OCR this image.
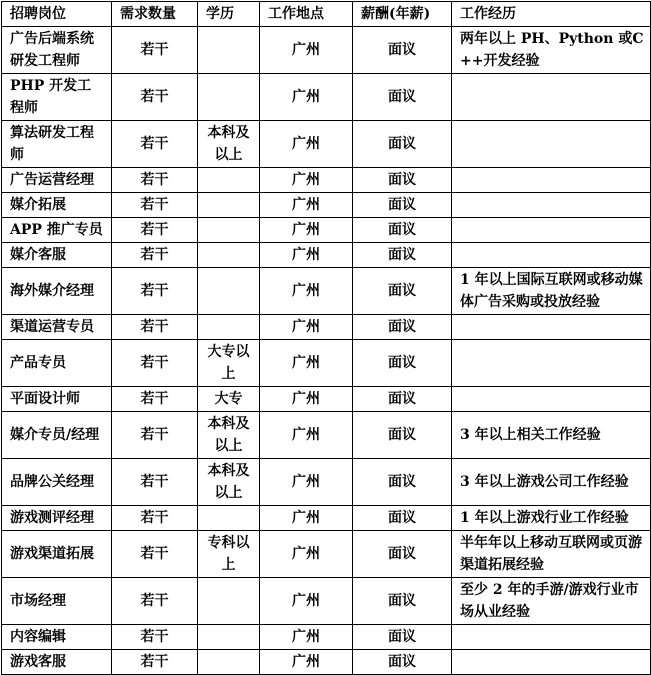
招聘岗位	需求数量	学历	工作地点	薪酬(年薪)	工作经历
广告后端系统研发工程师	若干		广州	面议	两年以上 PH、Python 或C++开发经验
PHP 开发工程师	若干		广州	面议	
算法研发工程师	若干	本科及以上	广州	面议	
广告运营经理	若干		广州	面议	
媒介拓展	若干		广州	面议	
APP 推广专员	若干		广州	面议	
媒介客服	若干		广州	面议	
海外媒介经理	若干		广州	面议	1 年以上国际互联网或移动媒体广告采购或投放经验
渠道运营专员	若干		广州	面议	
产品专员	若干	大专以上	广州	面议	
平面设计师	若干	大专	广州	面议	
媒介专员/经理	若干	本科及以上	广州	面议	3 年以上相关工作经验
品牌公关经理	若干	本科及以上	广州	面议	3 年以上游戏公司工作经验
游戏测评经理	若干		广州	面议	1 年以上游戏行业工作经验
游戏渠道拓展	若干	专科以上	广州	面议	半年年以上移动互联网或页游渠道拓展经验
市场经理	若干		广州	面议	至少 2 年的手游/游戏行业市场从业经验
内容编辑	若干		广州	面议	
游戏客服	若干		广州	面议	
